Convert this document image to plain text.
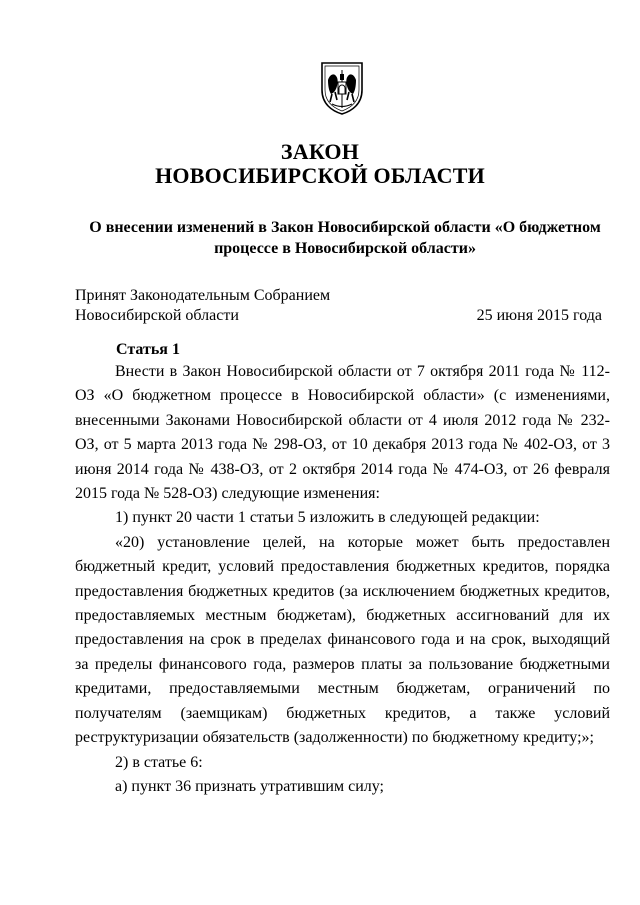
ЗАКОН
НОВОСИБИРСКОЙ ОБЛАСТИ
О внесении изменений в Закон Новосибирской области «О бюджетном процессе в Новосибирской области»
Принят Законодательным Собранием
Новосибирской области	25 июня 2015 года
Статья 1

Внести в Закон Новосибирской области от 7 октября 2011 года № 112-ОЗ «О бюджетном процессе в Новосибирской области» (с изменениями, внесенными Законами Новосибирской области от 4 июля 2012 года № 232-ОЗ, от 5 марта 2013 года № 298-ОЗ, от 10 декабря 2013 года № 402-ОЗ, от 3 июня 2014 года № 438-ОЗ, от 2 октября 2014 года № 474-ОЗ, от 26 февраля 2015 года № 528-ОЗ) следующие изменения:

1) пункт 20 части 1 статьи 5 изложить в следующей редакции:

«20) установление целей, на которые может быть предоставлен бюджетный кредит, условий предоставления бюджетных кредитов, порядка предоставления бюджетных кредитов (за исключением бюджетных кредитов, предоставляемых местным бюджетам), бюджетных ассигнований для их предоставления на срок в пределах финансового года и на срок, выходящий за пределы финансового года, размеров платы за пользование бюджетными кредитами, предоставляемыми местным бюджетам, ограничений по получателям (заемщикам) бюджетных кредитов, а также условий реструктуризации обязательств (задолженности) по бюджетному кредиту;»;

2) в статье 6:

а) пункт 36 признать утратившим силу;
